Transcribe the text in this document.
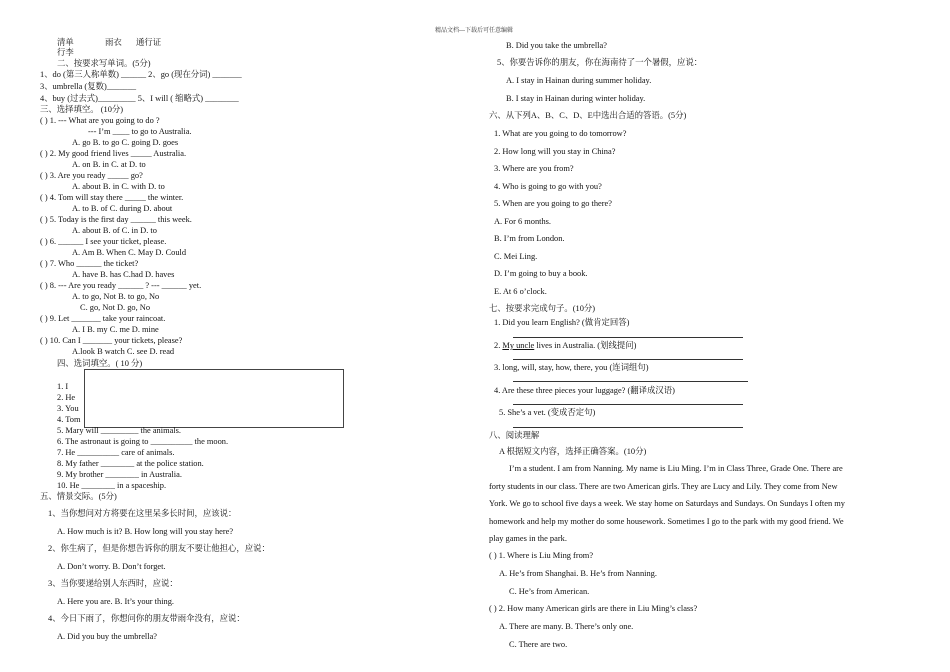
精品文档---下载后可任意编辑
清单	雨衣 通行证
行李
二、按要求写单词。(5分)
1、do (第三人称单数) ______ 2、go (现在分词) _______
3、umbrella (复数)_______
4、buy (过去式)_________ 5、I will ( 缩略式) ________
三、选择填空。 (10分)
( ) 1. --- What are you going to do ?
--- I’m ____ to go to Australia.
A. go B. to go C. going D. goes
( ) 2. My good friend lives _____ Australia.
A. on B. in C. at D. to
( ) 3. Are you ready _____ go?
A. about B. in C. with D. to
( ) 4. Tom will stay there _____ the winter.
A. to B. of C. during D. about
( ) 5. Today is the first day ______ this week.
A. about B. of C. in D. to
( ) 6. ______ I see your ticket, please.
A. Am B. When C. May D. Could
( ) 7. Who ______ the ticket?
A. have B. has C.had D. haves
( ) 8. --- Are you ready ______ ? --- ______ yet.
A. to go, Not B. to go, No
C. go, Not D. go, No
( ) 9. Let _______ take your raincoat.
A. I B. my C. me D. mine
( ) 10. Can I _______ your tickets, please?
A.look B watch C. see D. read
四、选词填空。( 10 分)
1. I
2. He
3. You
4. Tom
5. Mary will _________ the animals.
6. The astronaut is going to __________ the moon.
7. He __________ care of animals.
8. My father ________ at the police station.
9. My brother ________ in Australia.
10. He ________ in a spaceship.
五、情景交际。(5分)
1、当你想问对方将要在这里呆多长时间，应该说：
A. How much is it? B. How long will you stay here?
2、你生病了，但是你想告诉你的朋友不要让他担心，应说：
A. Don’t worry. B. Don’t forget.
3、当你要递给别人东西时，应说：
A. Here you are. B. It’s your thing.
4、今日下雨了，你想问你的朋友带雨伞没有，应说：
A. Did you buy the umbrella?
B. Did you take the umbrella?
5、你要告诉你的朋友，你在海南待了一个暑假，应说：
A. I stay in Hainan during summer holiday.
B. I stay in Hainan during winter holiday.
六、从下列A、B、C、D、E中选出合适的答语。(5分)
1. What are you going to do tomorrow?
2. How long will you stay in China?
3. Where are you from?
4. Who is going to go with you?
5. When are you going to go there?
A. For 6 months.
B. I’m from London.
C. Mei Ling.
D. I’m going to buy a book.
E. At 6 o’clock.
七、按要求完成句子。(10分)
1. Did you learn English? (做肯定回答)
2. My uncle lives in Australia. (划线提问)
3. long, will, stay, how, there, you (连词组句)
4. Are these three pieces your luggage? (翻译成汉语)
5. She’s a vet. (变成否定句)
八、阅读理解
A 根据短文内容，选择正确答案。(10分)
I’m a student. I am from Nanning. My name is Liu Ming. I’m in Class Three, Grade One. There are
forty students in our class. There are two American girls. They are Lucy and Lily. They come from New
York. We go to school five days a week. We stay home on Saturdays and Sundays. On Sundays I often my
homework and help my mother do some housework. Sometimes I go to the park with my good friend. We
play games in the park.
( ) 1. Where is Liu Ming from?
A. He’s from Shanghai. B. He’s from Nanning.
C. He’s from American.
( ) 2. How many American girls are there in Liu Ming’s class?
A. There are many. B. There’s only one.
C. There are two.
